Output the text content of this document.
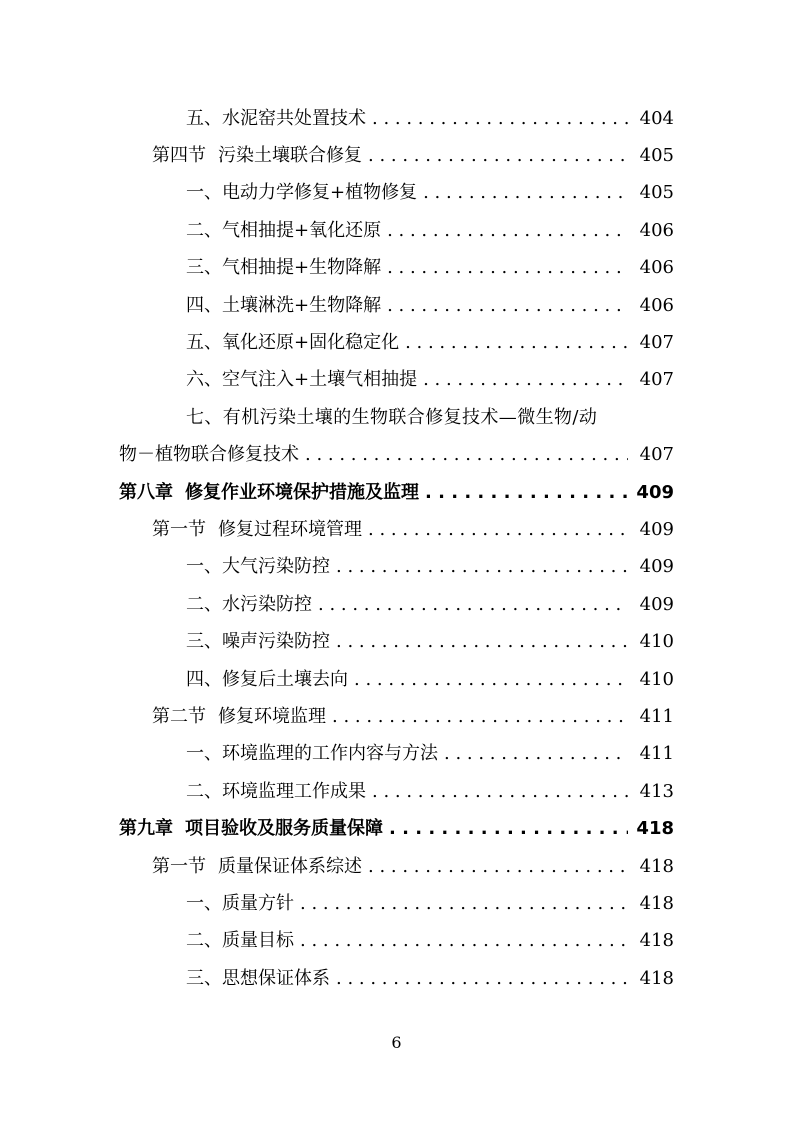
五、水泥窑共处置技术 . . .	404
第四节 污染土壤联合修复 . . .	405
一、电动力学修复+植物修复 . . .	405
二、气相抽提+氧化还原 . . .	406
三、气相抽提+生物降解 . . .	406
四、土壤淋洗+生物降解 . . .	406
五、氧化还原+固化稳定化 . . .	407
六、空气注入+土壤气相抽提 . . .	407
七、有机污染土壤的生物联合修复技术—微生物/动
物－植物联合修复技术 . . .	407
第八章 修复作业环境保护措施及监理 . . .	409
第一节 修复过程环境管理 . . .	409
一、大气污染防控 . . .	409
二、水污染防控 . . .	409
三、噪声污染防控 . . .	410
四、修复后土壤去向 . . .	410
第二节 修复环境监理 . . .	411
一、环境监理的工作内容与方法 . . .	411
二、环境监理工作成果 . . .	413
第九章 项目验收及服务质量保障 . . .	418
第一节 质量保证体系综述 . . .	418
一、质量方针 . . .	418
二、质量目标 . . .	418
三、思想保证体系 . . .	418
6
